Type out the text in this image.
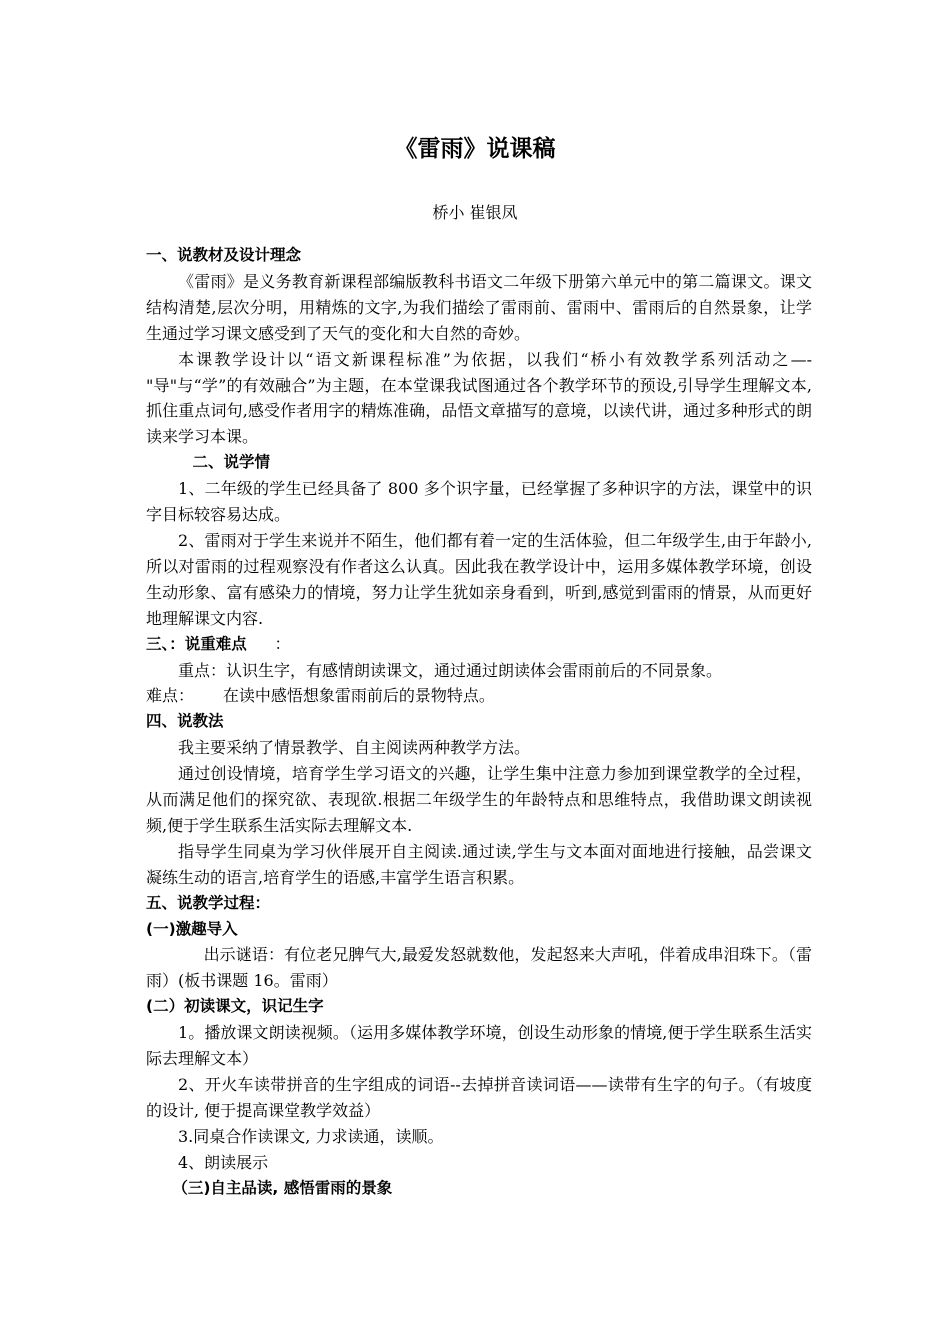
《雷雨》说课稿
桥小 崔银凤

一、说教材及设计理念

《雷雨》是义务教育新课程部编版教科书语文二年级下册第六单元中的第二篇课文。课文结构清楚,层次分明，用精炼的文字,为我们描绘了雷雨前、雷雨中、雷雨后的自然景象，让学生通过学习课文感受到了天气的变化和大自然的奇妙。

本课教学设计以“语文新课程标准”为依据，以我们“桥小有效教学系列活动之—-"导"与“学”的有效融合”为主题，在本堂课我试图通过各个教学环节的预设,引导学生理解文本,抓住重点词句,感受作者用字的精炼准确，品悟文章描写的意境，以读代讲，通过多种形式的朗读来学习本课。

二、说学情

1、二年级的学生已经具备了 800 多个识字量，已经掌握了多种识字的方法，课堂中的识字目标较容易达成。

2、雷雨对于学生来说并不陌生，他们都有着一定的生活体验，但二年级学生,由于年龄小,所以对雷雨的过程观察没有作者这么认真。因此我在教学设计中，运用多媒体教学环境，创设生动形象、富有感染力的情境，努力让学生犹如亲身看到，听到,感觉到雷雨的情景，从而更好地理解课文内容.

三、：说重难点 ：

重点：认识生字，有感情朗读课文，通过通过朗读体会雷雨前后的不同景象。

难点： 在读中感悟想象雷雨前后的景物特点。

四、说教法

我主要采纳了情景教学、自主阅读两种教学方法。

通过创设情境，培育学生学习语文的兴趣，让学生集中注意力参加到课堂教学的全过程，从而满足他们的探究欲、表现欲.根据二年级学生的年龄特点和思维特点，我借助课文朗读视频,便于学生联系生活实际去理解文本.

指导学生同桌为学习伙伴展开自主阅读.通过读,学生与文本面对面地进行接触，品尝课文凝练生动的语言,培育学生的语感,丰富学生语言积累。

五、说教学过程：

(一)激趣导入

出示谜语：有位老兄脾气大,最爱发怒就数他，发起怒来大声吼，伴着成串泪珠下。（雷雨）(板书课题 16。雷雨）

(二）初读课文，识记生字

1。播放课文朗读视频。（运用多媒体教学环境，创设生动形象的情境,便于学生联系生活实际去理解文本）

2、开火车读带拼音的生字组成的词语--去掉拼音读词语——读带有生字的句子。（有坡度的设计, 便于提高课堂教学效益）

3.同桌合作读课文, 力求读通，读顺。

4、朗读展示

（三)自主品读, 感悟雷雨的景象
